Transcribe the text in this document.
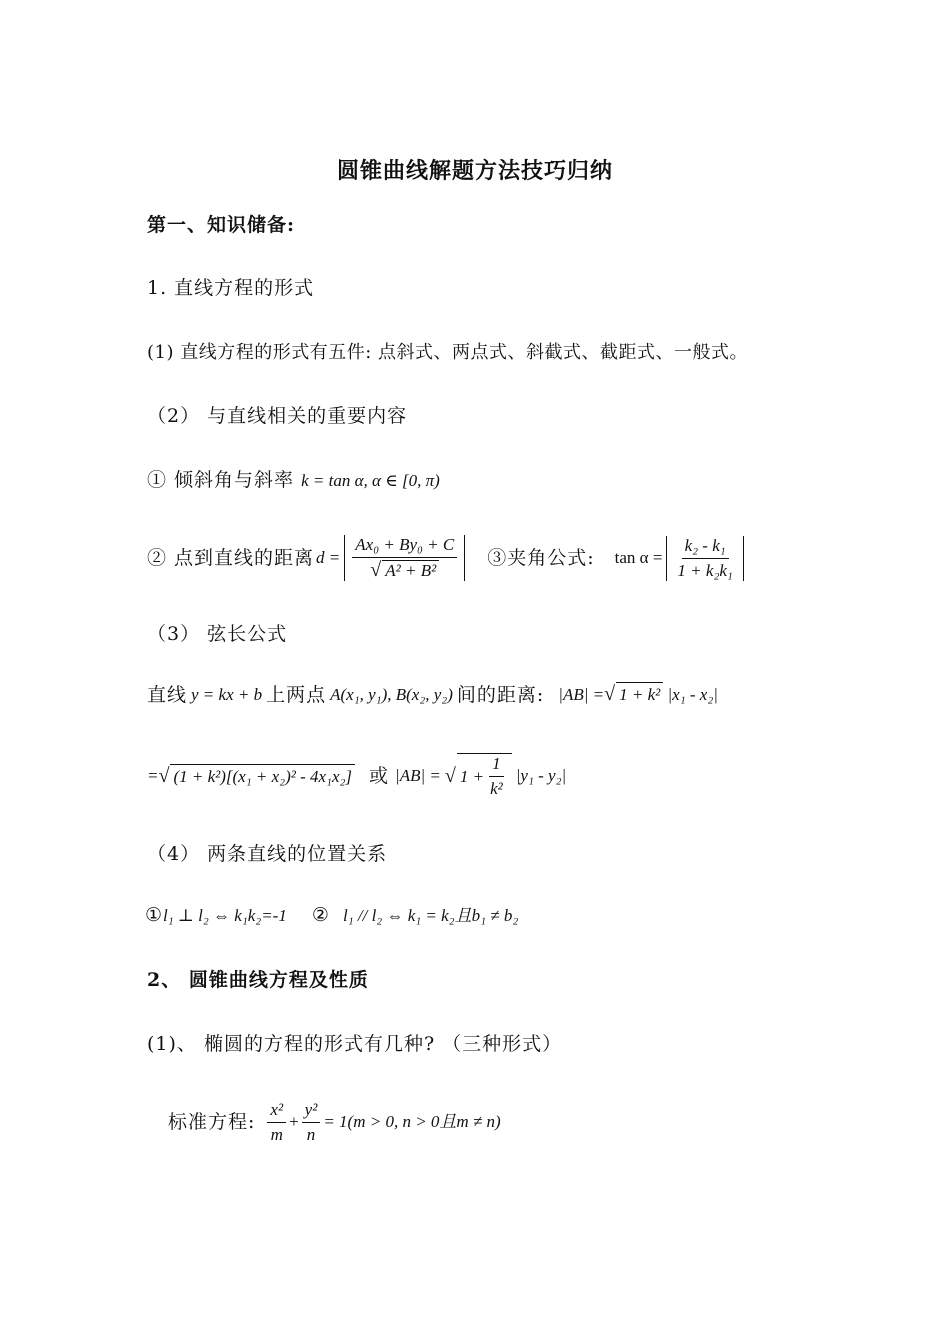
圆锥曲线解题方法技巧归纳
第一、知识储备:
1. 直线方程的形式
(1) 直线方程的形式有五件: 点斜式、两点式、斜截式、截距式、一般式。
（2） 与直线相关的重要内容
① 倾斜角与斜率 k = tan α, α ∈ [0, π)
② 点到直线的距离 $d = \frac{\text{Ax₀ + By₀ + C}}{\text{√ A² + B²}}$ ③夹角公式: $\tan \alpha = \frac{\text{k₂ - k₁}}{\text{1 + k₂k₁}}$
（3） 弦长公式
直线 y = kx + b 上两点 A(x₁, y₁), B(x₂, y₂) 间的距离: |AB| =√ 1 + k² |x₁ - x₂|
= √ (1 + k²)[(x₁ + x₂)² - 4x₁x₂] 或 |AB| = √ $1 + \frac{1}{\text{k²}} |y_1 - y_2|$
（4） 两条直线的位置关系
①l₁ ⊥ l₂ ⇔ k₁k₂=-1 ② l₁ // l₂ ⇔ k₁ = k₂且b₁ ≠ b₂
2、 圆锥曲线方程及性质
(1)、 椭圆的方程的形式有几种? （三种形式）
标准方程: $\frac{\text{x²}}{m} + \frac{\text{y²}}{n} = 1(m > 0$, n > 0且m ≠ n)
